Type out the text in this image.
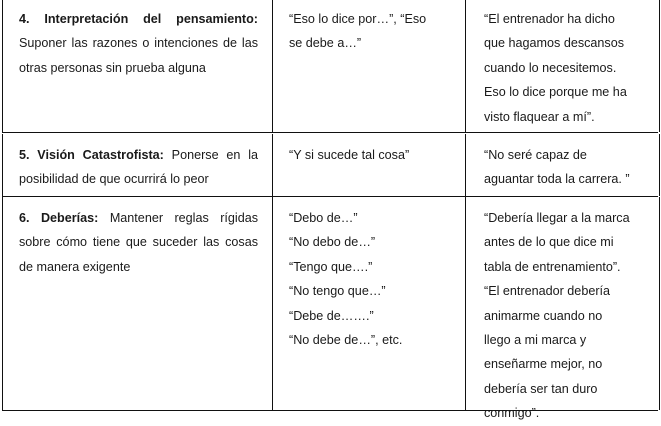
4. Interpretación del pensamiento: Suponer las razones o intenciones de las otras personas sin prueba alguna

“Eso lo dice por…”, “Eso
se debe a…”

“El entrenador ha dicho
que hagamos descansos
cuando lo necesitemos.
Eso lo dice porque me ha
visto flaquear a mí”.

5. Visión Catastrofista: Ponerse en la posibilidad de que ocurrirá lo peor

“Y si sucede tal cosa”	“No seré capaz de
aguantar toda la carrera. ”

6. Deberías: Mantener reglas rígidas sobre cómo tiene que suceder las cosas de manera exigente

“Debo de…”
“No debo de…”
“Tengo que….”
“No tengo que…”
“Debe de…….”
“No debe de…”, etc.

“Debería llegar a la marca
antes de lo que dice mi
tabla de entrenamiento”.
“El entrenador debería
animarme cuando no
llego a mi marca y
enseñarme mejor, no
debería ser tan duro
conmigo”.
